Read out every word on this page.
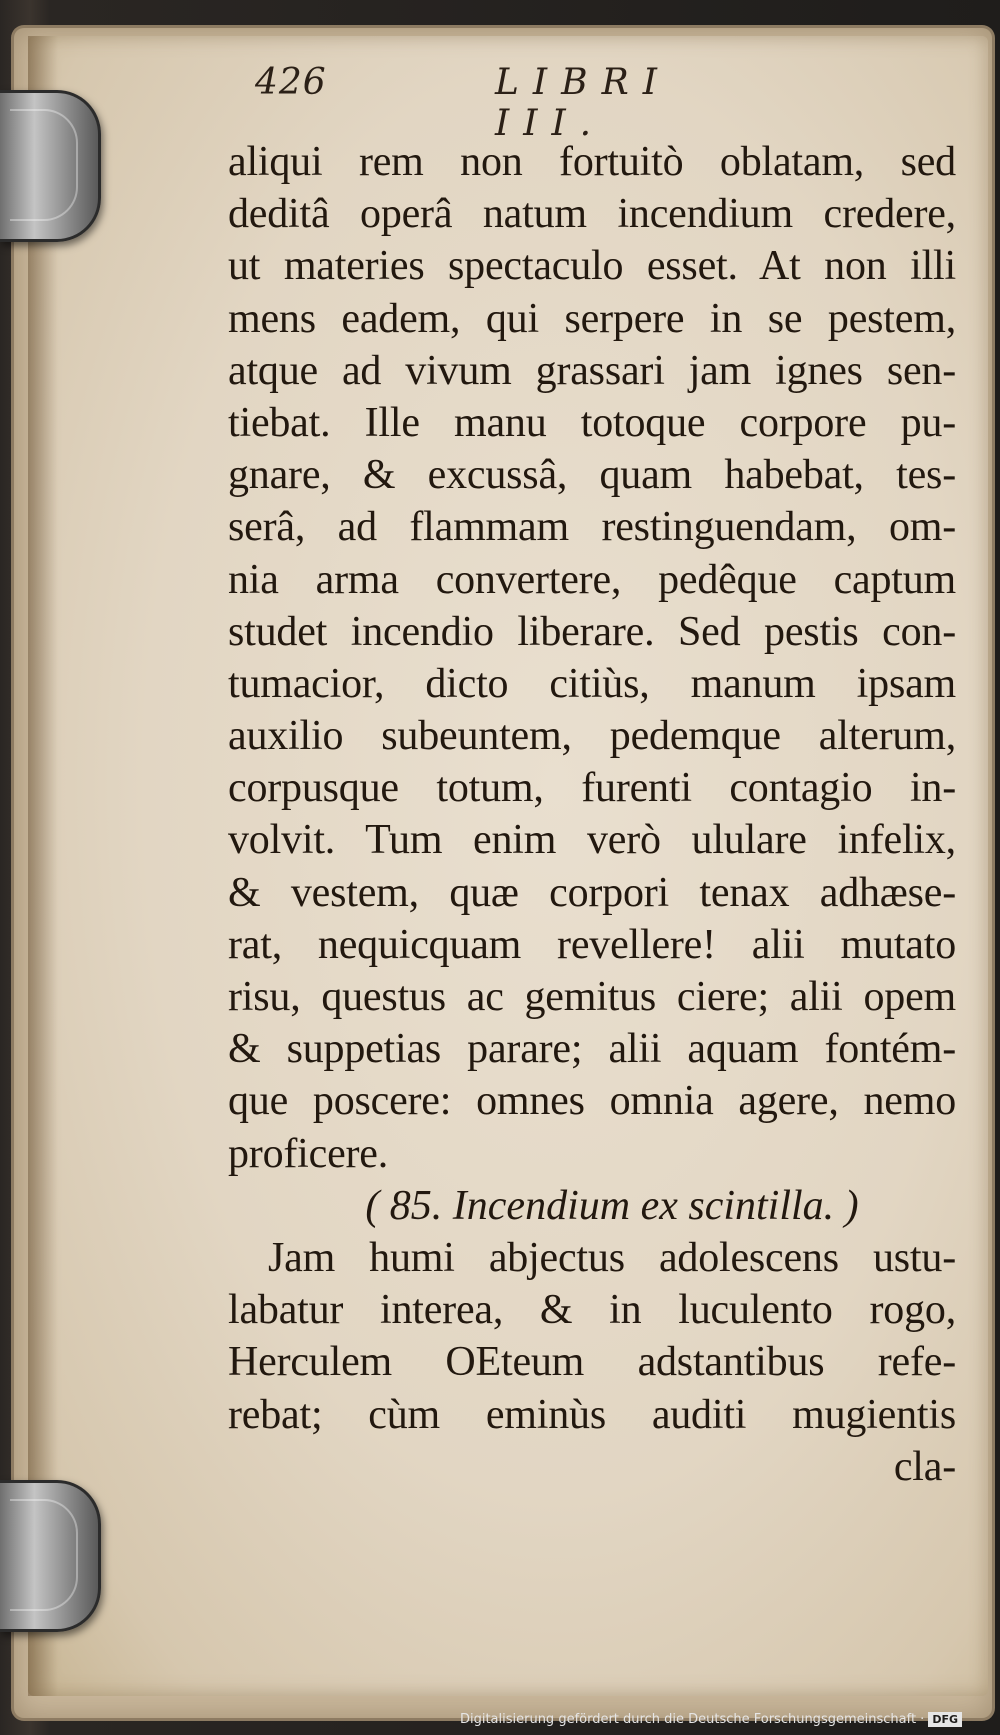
426	LIBRI III.
aliqui rem non fortuitò oblatam, sed
deditâ operâ natum incendium credere,
ut materies spectaculo esset. At non illi
mens eadem, qui serpere in se pestem,
atque ad vivum grassari jam ignes sen-
tiebat. Ille manu totoque corpore pu-
gnare, & excussâ, quam habebat, tes-
serâ, ad flammam restinguendam, om-
nia arma convertere, pedêque captum
studet incendio liberare. Sed pestis con-
tumacior, dicto citiùs, manum ipsam
auxilio subeuntem, pedemque alterum,
corpusque totum, furenti contagio in-
volvit. Tum enim verò ululare infelix,
& vestem, quæ corpori tenax adhæse-
rat, nequicquam revellere! alii mutato
risu, questus ac gemitus ciere; alii opem
& suppetias parare; alii aquam fontém-
que poscere: omnes omnia agere, nemo
proficere.
( 85. Incendium ex scintilla. )
Jam humi abjectus adolescens ustu-
labatur interea, & in luculento rogo,
Herculem OEteum adstantibus refe-
rebat; cùm eminùs auditi mugientis
cla-
Digitalisierung gefördert durch die Deutsche Forschungsgemeinschaft · DFG
